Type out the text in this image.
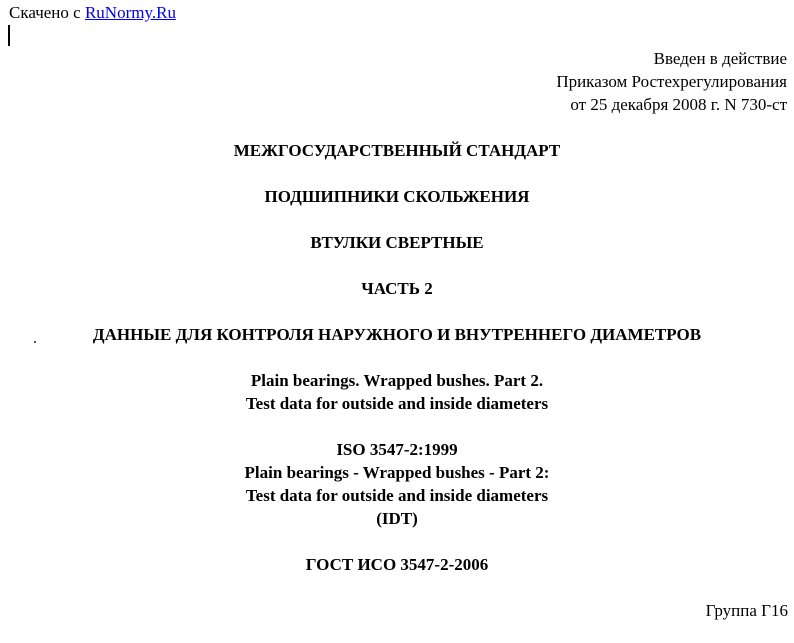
Скачено с RuNormy.Ru
Введен в действие
Приказом Ростехрегулирования
от 25 декабря 2008 г. N 730-ст
МЕЖГОСУДАРСТВЕННЫЙ СТАНДАРТ
ПОДШИПНИКИ СКОЛЬЖЕНИЯ
ВТУЛКИ СВЕРТНЫЕ
ЧАСТЬ 2
ДАННЫЕ ДЛЯ КОНТРОЛЯ НАРУЖНОГО И ВНУТРЕННЕГО ДИАМЕТРОВ
Plain bearings. Wrapped bushes. Part 2.
Test data for outside and inside diameters
ISO 3547-2:1999
Plain bearings - Wrapped bushes - Part 2:
Test data for outside and inside diameters
(IDT)
ГОСТ ИСО 3547-2-2006
Группа Г16
